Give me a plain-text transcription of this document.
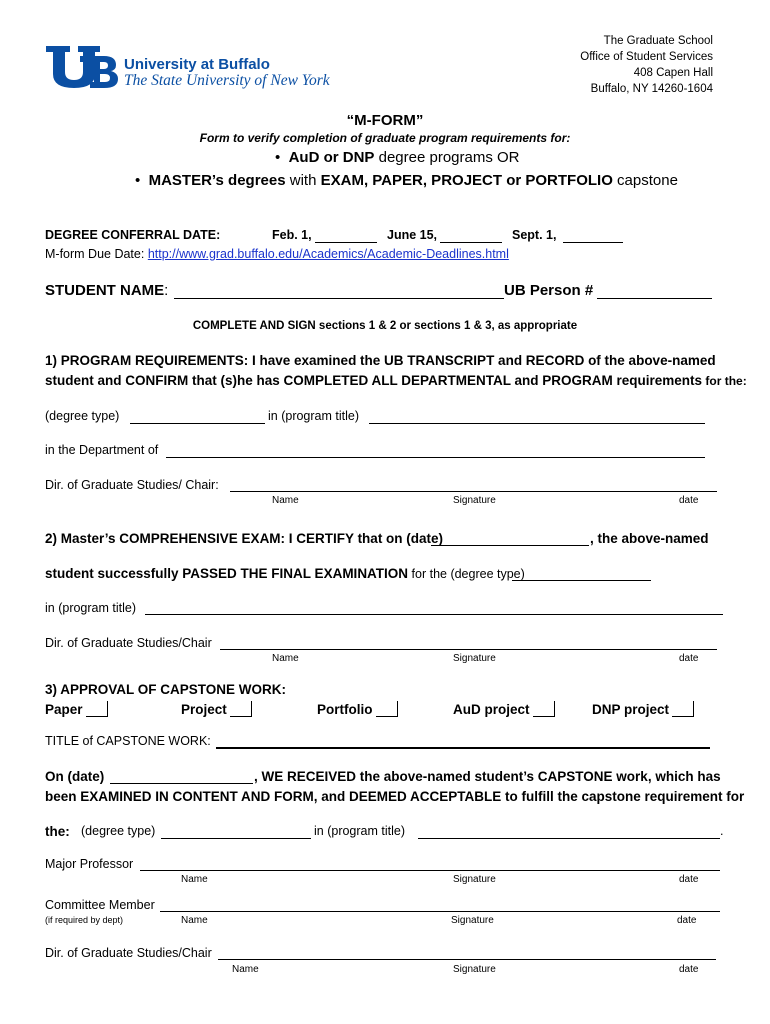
University at Buffalo
The State University of New York
The Graduate School
Office of Student Services
408 Capen Hall
Buffalo, NY 14260-1604
“M-FORM”
Form to verify completion of graduate program requirements for:
•  AuD or DNP degree programs OR
•  MASTER’s degrees with EXAM, PAPER, PROJECT or PORTFOLIO capstone
DEGREE CONFERRAL DATE:	Feb. 1,	June 15,	Sept. 1,
M-form Due Date: http://www.grad.buffalo.edu/Academics/Academic-Deadlines.html
STUDENT NAME:	UB Person #
COMPLETE AND SIGN sections 1 & 2 or sections 1 & 3, as appropriate
1) PROGRAM REQUIREMENTS: I have examined the UB TRANSCRIPT and RECORD of the above-named
student and CONFIRM that (s)he has COMPLETED ALL DEPARTMENTAL and PROGRAM requirements for the:
(degree type)	in (program title)
in the Department of
Dir. of Graduate Studies/ Chair:
Name	Signature	date
2) Master’s COMPREHENSIVE EXAM: I CERTIFY that on (date)	, the above-named
student successfully PASSED THE FINAL EXAMINATION for the (degree type)
in (program title)
Dir. of Graduate Studies/Chair
Name	Signature	date
3) APPROVAL OF CAPSTONE WORK:
Paper	Project	Portfolio	AuD project	DNP project
TITLE of CAPSTONE WORK:
On (date)	, WE RECEIVED the above-named student’s CAPSTONE work, which has
been EXAMINED IN CONTENT AND FORM, and DEEMED ACCEPTABLE to fulfill the capstone requirement for
the: (degree type)	in (program title)	.
Major Professor
Name	Signature	date
Committee Member
(if required by dept)	Name	Signature	date
Dir. of Graduate Studies/Chair
Name	Signature	date
